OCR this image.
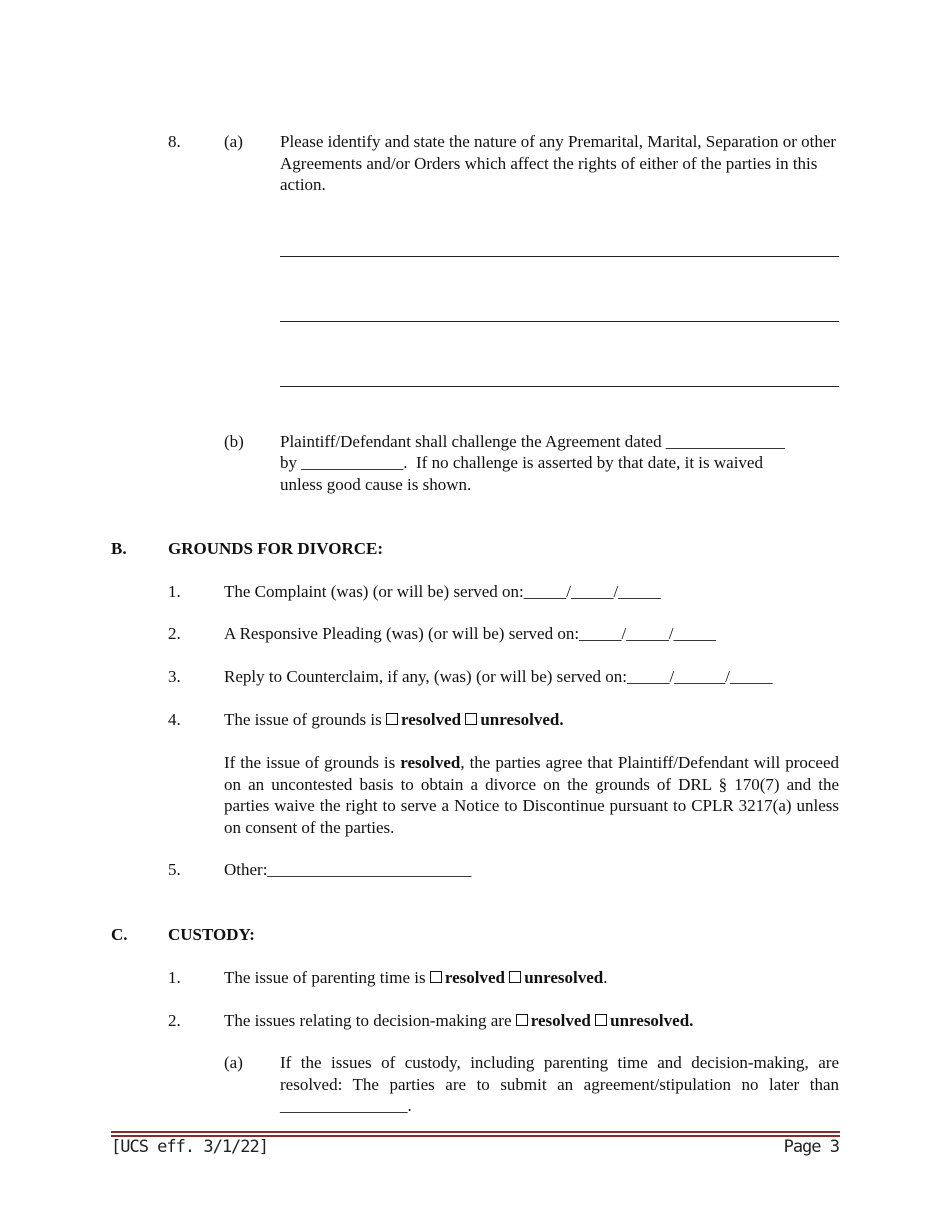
8.	(a) Please identify and state the nature of any Premarital, Marital, Separation or other Agreements and/or Orders which affect the rights of either of the parties in this action.
(b) Plaintiff/Defendant shall challenge the Agreement dated ______________
by ____________.  If no challenge is asserted by that date, it is waived
unless good cause is shown.
B. GROUNDS FOR DIVORCE:
1.	The Complaint (was) (or will be) served on:_____/_____/_____
2.	A Responsive Pleading (was) (or will be) served on:_____/_____/_____
3.	Reply to Counterclaim, if any, (was) (or will be) served on:_____/______/_____
4.	The issue of grounds is resolved unresolved.
If the issue of grounds is resolved, the parties agree that Plaintiff/Defendant will proceed on an uncontested basis to obtain a divorce on the grounds of DRL § 170(7) and the parties waive the right to serve a Notice to Discontinue pursuant to CPLR 3217(a) unless on consent of the parties.
5.	Other:________________________
C. CUSTODY:
1.	The issue of parenting time is resolved unresolved.
2.	The issues relating to decision-making are resolved unresolved.
(a) If the issues of custody, including parenting time and decision-making, are resolved: The parties are to submit an agreement/stipulation no later than
_______________.
[UCS eff. 3/1/22]	Page 3
